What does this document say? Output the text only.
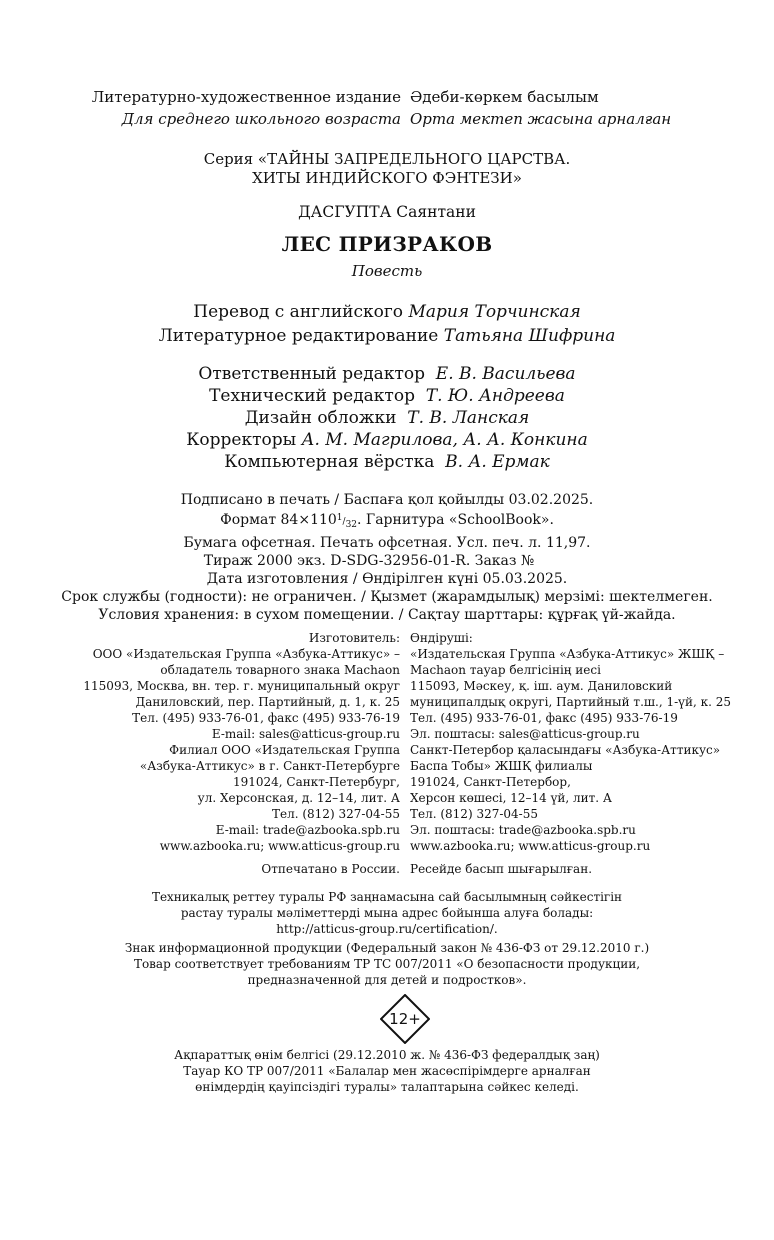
Литературно-художественное издание Әдеби-көркем басылым
Для среднего школьного возраста Орта мектеп жасына арналған
Серия «ТАЙНЫ ЗАПРЕДЕЛЬНОГО ЦАРСТВА.
ХИТЫ ИНДИЙСКОГО ФЭНТЕЗИ»
ДАСГУПТА Саянтани
ЛЕС ПРИЗРАКОВ
Повесть
Перевод с английского Мария Торчинская
Литературное редактирование Татьяна Шифрина
Ответственный редактор Е. В. Васильева
Технический редактор Т. Ю. Андреева
Дизайн обложки Т. В. Ланская
Корректоры А. М. Магрилова, А. А. Конкина
Компьютерная вёрстка В. А. Ермак
Подписано в печать / Баспаға қол қойылды 03.02.2025.
Формат $84\times 110^1/_{32}$. Гарнитура «SchoolBook».
Бумага офсетная. Печать офсетная. Усл. печ. л. 11,97.
Тираж 2000 экз. D-SDG-32956-01-R. Заказ №
Дата изготовления / Өндірілген күні 05.03.2025.
Срок службы (годности): не ограничен. / Қызмет (жарамдылық) мерзімі: шектелмеген.
Условия хранения: в сухом помещении. / Сақтау шарттары: құрғақ үй-жайда.
Изготовитель:
ООО «Издательская Группа «Азбука-Аттикус» –
обладатель товарного знака Machaon
115093, Москва, вн. тер. г. муниципальный округ
Даниловский, пер. Партийный, д. 1, к. 25
Тел. (495) 933-76-01, факс (495) 933-76-19
E-mail: sales@atticus-group.ru
Өндіруші:
«Издательская Группа «Азбука-Аттикус» ЖШҚ –
Machaon тауар белгісінің иесі
115093, Мәскеу, қ. іш. аум. Даниловский
муниципалдық округі, Партийный т.ш., 1-үй, к. 25
Тел. (495) 933-76-01, факс (495) 933-76-19
Эл. поштасы: sales@atticus-group.ru
Филиал ООО «Издательская Группа
«Азбука-Аттикус» в г. Санкт-Петербурге
191024, Санкт-Петербург,
ул. Херсонская, д. 12–14, лит. А
Тел. (812) 327-04-55
E-mail: trade@azbooka.spb.ru
Санкт-Петербор қаласындағы «Азбука-Аттикус»
Баспа Тобы» ЖШҚ филиалы
191024, Санкт-Петербор,
Херсон көшесі, 12–14 үй, лит. А
Тел. (812) 327-04-55
Эл. поштасы: trade@azbooka.spb.ru
www.azbooka.ru; www.atticus-group.ru www.azbooka.ru; www.atticus-group.ru
Отпечатано в России. Ресейде басып шығарылған.
Техникалық реттеу туралы РФ заңнамасына сай басылымның сәйкестігін
растау туралы мәліметтерді мына адрес бойынша алуға болады:
http://atticus-group.ru/certification/.
Знак информационной продукции (Федеральный закон № 436-ФЗ от 29.12.2010 г.)
Товар соответствует требованиям ТР ТС 007/2011 «О безопасности продукции,
предназначенной для детей и подростков».
12+
Ақпараттық өнім белгісі (29.12.2010 ж. № 436-ФЗ федералдық заң)
Тауар КО ТР 007/2011 «Балалар мен жасөспірімдерге арналған
өнімдердің қауіпсіздігі туралы» талаптарына сәйкес келеді.
